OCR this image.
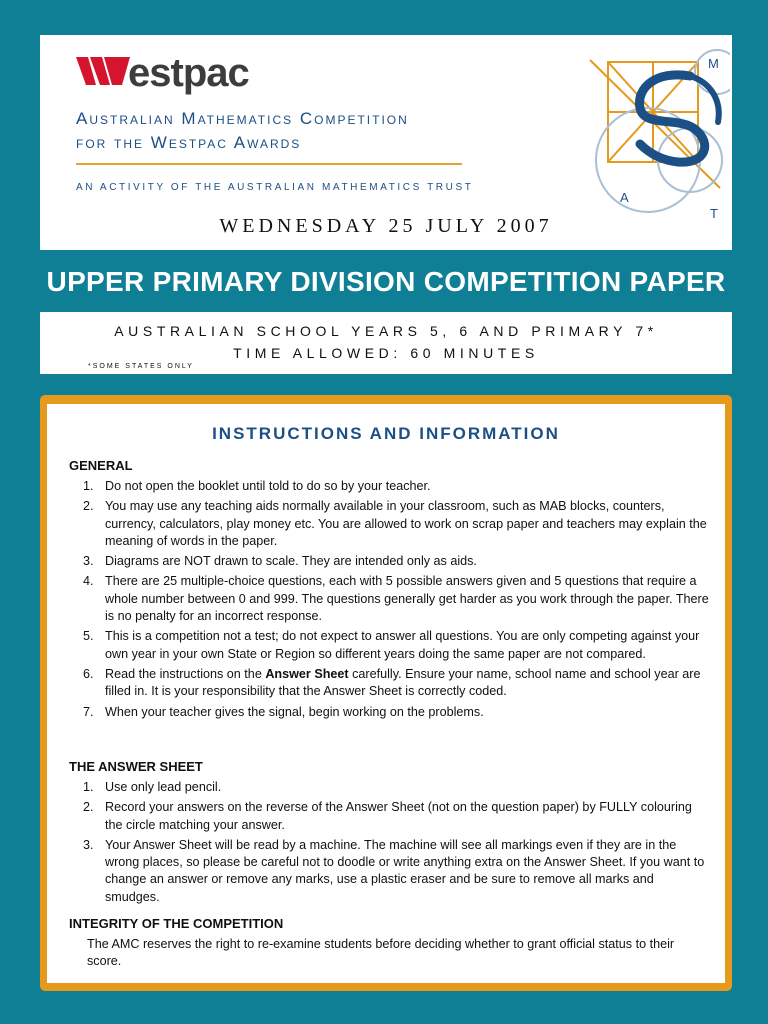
estpac
Australian Mathematics Competition
for the Westpac Awards
AN ACTIVITY OF THE AUSTRALIAN MATHEMATICS TRUST
WEDNESDAY 25 JULY 2007
M
A
T
UPPER PRIMARY DIVISION COMPETITION PAPER
AUSTRALIAN SCHOOL YEARS 5, 6 AND PRIMARY 7*
TIME ALLOWED: 60 MINUTES
*SOME STATES ONLY
INSTRUCTIONS AND INFORMATION
GENERAL
1. Do not open the booklet until told to do so by your teacher.
2. You may use any teaching aids normally available in your classroom, such as MAB blocks, counters, currency, calculators, play money etc. You are allowed to work on scrap paper and teachers may explain the meaning of words in the paper.
3. Diagrams are NOT drawn to scale. They are intended only as aids.
4. There are 25 multiple-choice questions, each with 5 possible answers given and 5 questions that require a whole number between 0 and 999. The questions generally get harder as you work through the paper. There is no penalty for an incorrect response.
5. This is a competition not a test; do not expect to answer all questions. You are only competing against your own year in your own State or Region so different years doing the same paper are not compared.
6. Read the instructions on the Answer Sheet carefully. Ensure your name, school name and school year are filled in. It is your responsibility that the Answer Sheet is correctly coded.
7. When your teacher gives the signal, begin working on the problems.
THE ANSWER SHEET
1. Use only lead pencil.
2. Record your answers on the reverse of the Answer Sheet (not on the question paper) by FULLY colouring the circle matching your answer.
3. Your Answer Sheet will be read by a machine. The machine will see all markings even if they are in the wrong places, so please be careful not to doodle or write anything extra on the Answer Sheet. If you want to change an answer or remove any marks, use a plastic eraser and be sure to remove all marks and smudges.
INTEGRITY OF THE COMPETITION
The AMC reserves the right to re-examine students before deciding whether to grant official status to their score.
